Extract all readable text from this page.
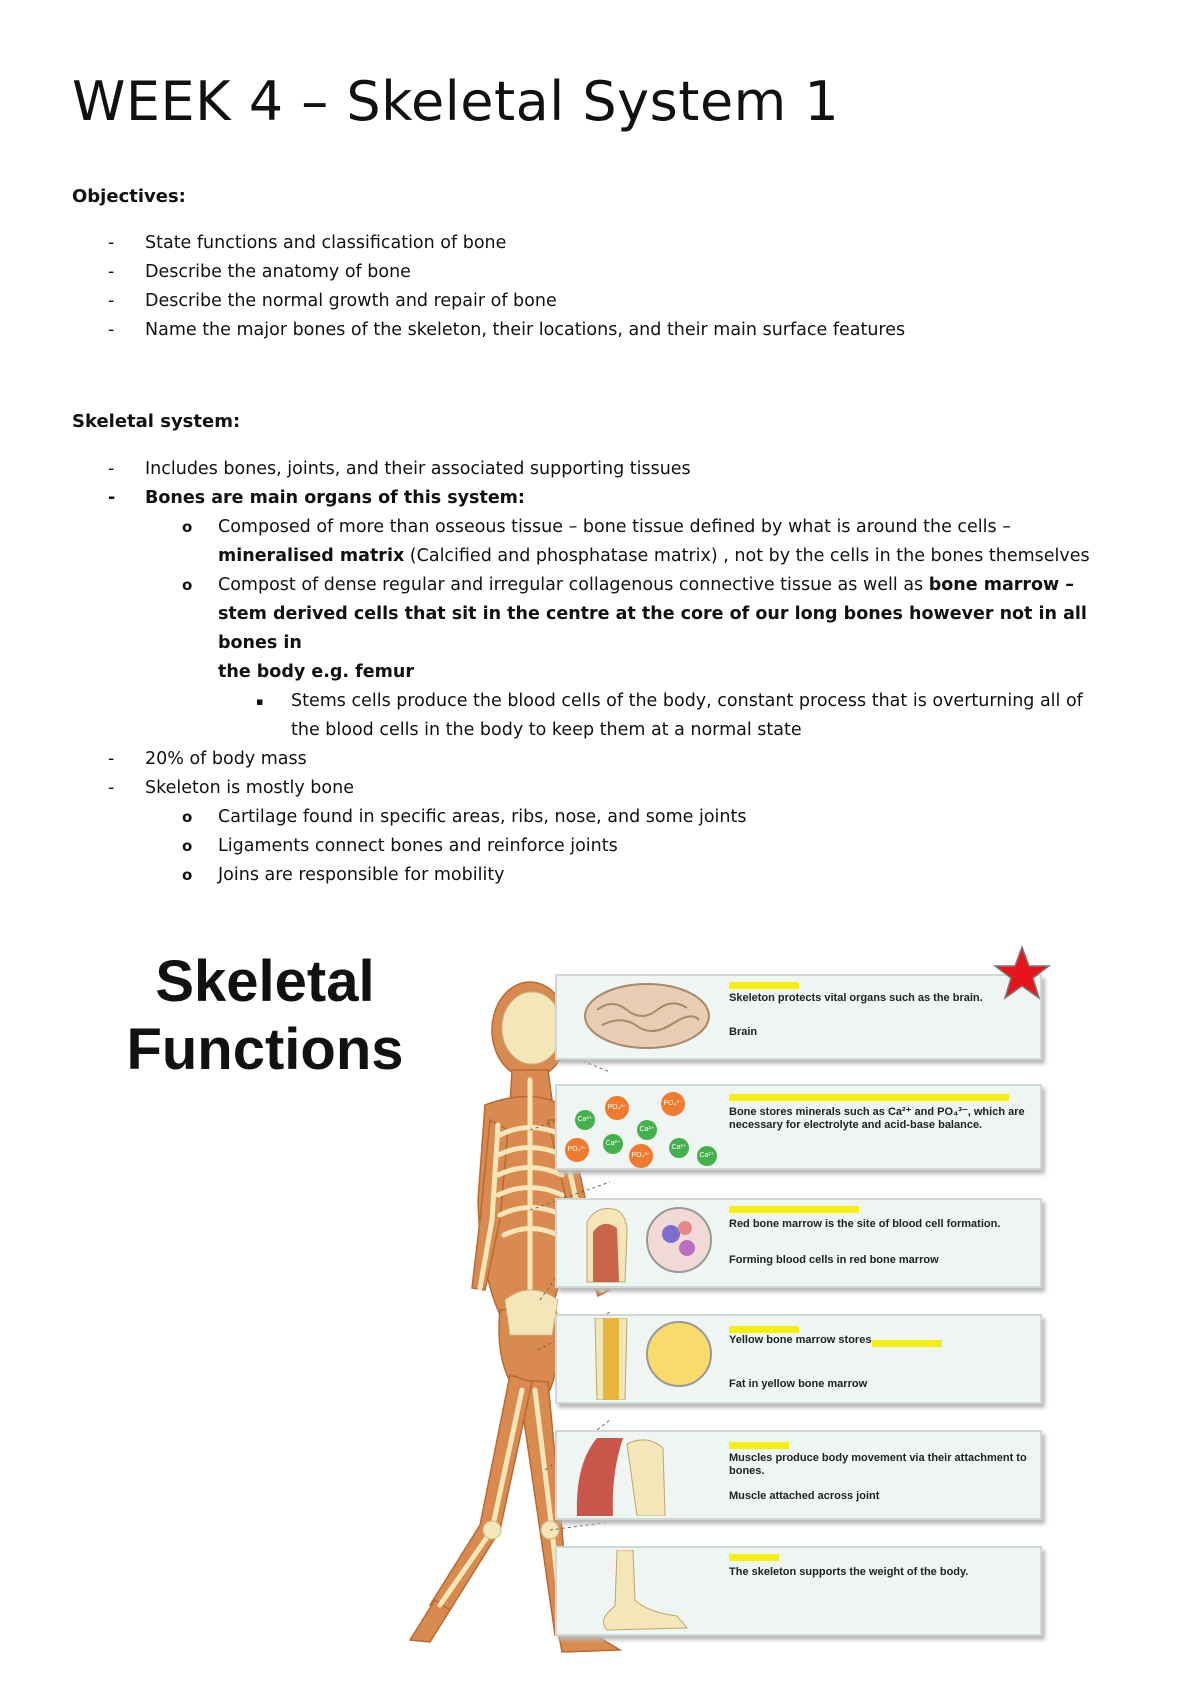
WEEK 4 – Skeletal System 1
Objectives:
- State functions and classification of bone
- Describe the anatomy of bone
- Describe the normal growth and repair of bone
- Name the major bones of the skeleton, their locations, and their main surface features
Skeletal system:
- Includes bones, joints, and their associated supporting tissues
- Bones are main organs of this system:
o Composed of more than osseous tissue – bone tissue defined by what is around the cells –
mineralised matrix (Calcified and phosphatase matrix) , not by the cells in the bones themselves
o Compost of dense regular and irregular collagenous connective tissue as well as bone marrow –
stem derived cells that sit in the centre at the core of our long bones however not in all bones in
the body e.g. femur
▪ Stems cells produce the blood cells of the body, constant process that is overturning all of
the blood cells in the body to keep them at a normal state
- 20% of body mass
- Skeleton is mostly bone
o Cartilage found in specific areas, ribs, nose, and some joints
o Ligaments connect bones and reinforce joints
o Joins are responsible for mobility
Skeletal
Functions
Skeleton protects vital organs such as the brain.
Brain
Ca²⁺
PO₄³⁻
PO₄³⁻
Ca²⁺
PO₄³⁻
Ca²⁺
Ca²⁺
PO₄³⁻	Ca²⁺
Bone stores minerals such as Ca²⁺ and PO₄³⁻, which are necessary for electrolyte and acid-base balance.
Red bone marrow is the site of blood cell formation.
Forming blood cells in red bone marrow
Yellow bone marrow stores
Fat in yellow bone marrow
Muscles produce body movement via their attachment to bones.
Muscle attached across joint
The skeleton supports the weight of the body.
